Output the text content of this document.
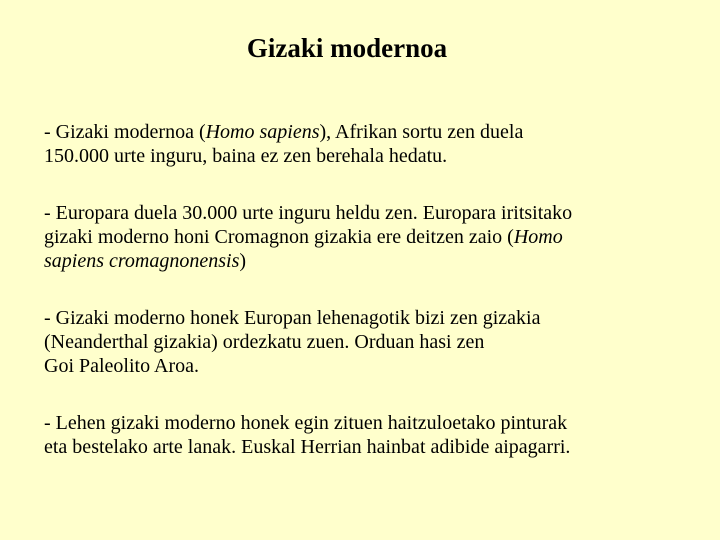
Gizaki modernoa

- Gizaki modernoa (Homo sapiens), Afrikan sortu zen duela
150.000 urte inguru, baina ez zen berehala hedatu.

- Europara duela 30.000 urte inguru heldu zen. Europara iritsitako
gizaki moderno honi Cromagnon gizakia ere deitzen zaio (Homo
sapiens cromagnonensis)

- Gizaki moderno honek Europan lehenagotik bizi zen gizakia
(Neanderthal gizakia) ordezkatu zuen. Orduan hasi zen
Goi Paleolito Aroa.

- Lehen gizaki moderno honek egin zituen haitzuloetako pinturak
eta bestelako arte lanak. Euskal Herrian hainbat adibide aipagarri.
